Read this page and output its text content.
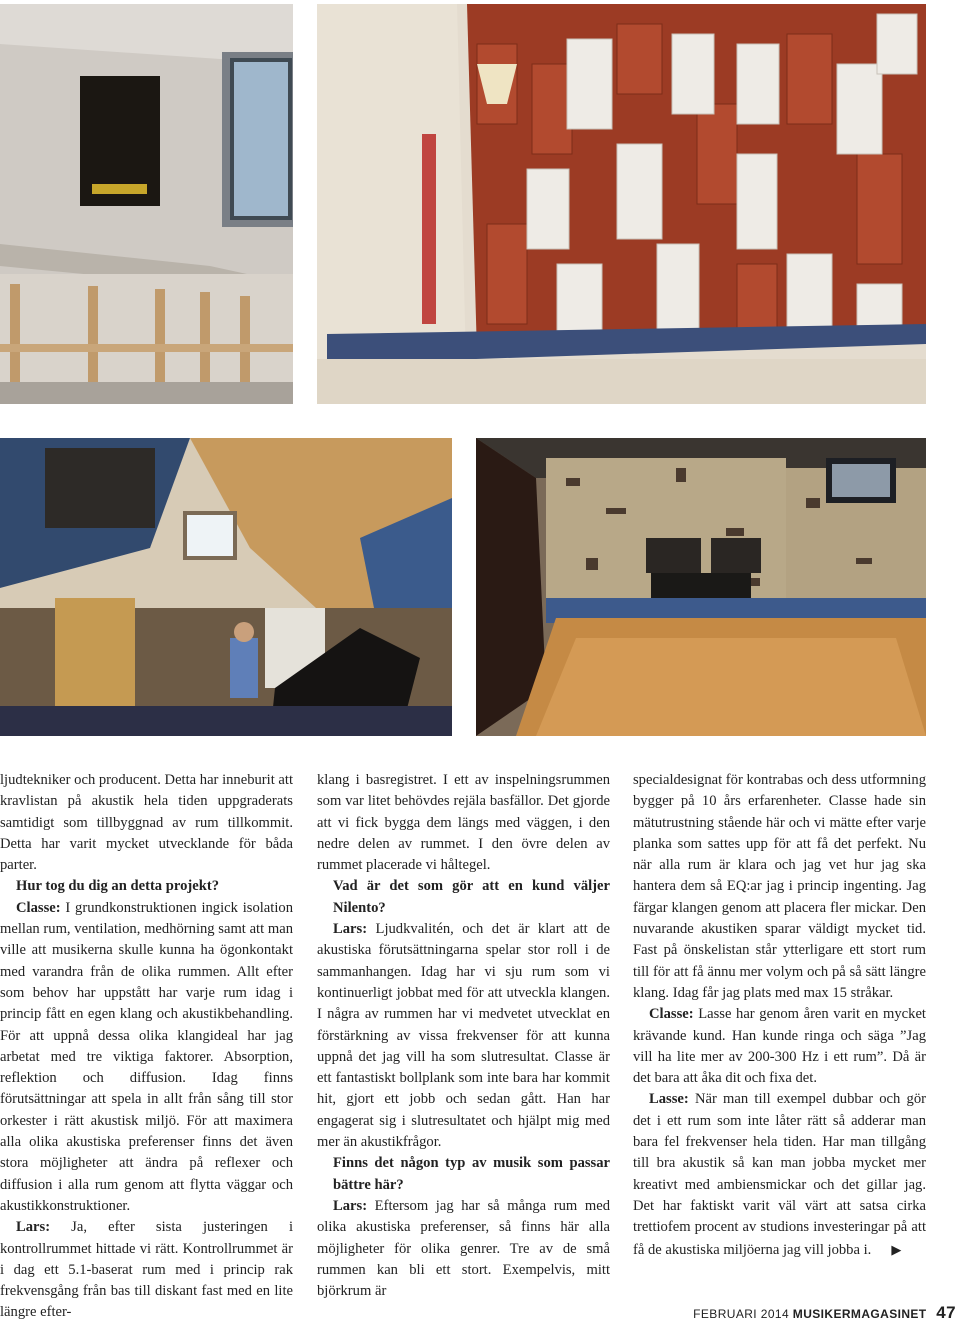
ljudtekniker och producent. Detta har inneburit att kravlistan på akustik hela tiden uppgraderats samtidigt som tillbyggnad av rum tillkommit. Detta har varit mycket utvecklande för båda parter.

Hur tog du dig an detta projekt?

Classe: I grundkonstruktionen ingick isolation mellan rum, ventilation, medhörning samt att man ville att musikerna skulle kunna ha ögonkontakt med varandra från de olika rummen. Allt efter som behov har uppstått har varje rum idag i princip fått en egen klang och akustikbehandling. För att uppnå dessa olika klangideal har jag arbetat med tre viktiga faktorer. Absorption, reflektion och diffusion. Idag finns förutsättningar att spela in allt från sång till stor orkester i rätt akustisk miljö. För att maximera alla olika akustiska preferenser finns det även stora möjligheter att ändra på reflexer och diffusion i alla rum genom att flytta väggar och akustikkonstruktioner.

Lars: Ja, efter sista justeringen i kontrollrummet hittade vi rätt. Kontrollrummet är i dag ett 5.1-baserat rum med i princip rak frekvensgång från bas till diskant fast med en lite längre efter-

klang i basregistret. I ett av inspelningsrummen som var litet behövdes rejäla basfällor. Det gjorde att vi fick bygga dem längs med väggen, i den nedre delen av rummet. I den övre delen av rummet placerade vi håltegel.

Vad är det som gör att en kund väljer Nilento?

Lars: Ljudkvalitén, och det är klart att de akustiska förutsättningarna spelar stor roll i de sammanhangen. Idag har vi sju rum som vi kontinuerligt jobbat med för att utveckla klangen. I några av rummen har vi medvetet utvecklat en förstärkning av vissa frekvenser för att kunna uppnå det jag vill ha som slutresultat. Classe är ett fantastiskt bollplank som inte bara har kommit hit, gjort ett jobb och sedan gått. Han har engagerat sig i slutresultatet och hjälpt mig med mer än akustikfrågor.

Finns det någon typ av musik som passar bättre här?

Lars: Eftersom jag har så många rum med olika akustiska preferenser, så finns här alla möjligheter för olika genrer. Tre av de små rummen kan bli ett stort. Exempelvis, mitt björkrum är

specialdesignat för kontrabas och dess utformning bygger på 10 års erfarenheter. Classe hade sin mätutrustning stående här och vi mätte efter varje planka som sattes upp för att få det perfekt. Nu när alla rum är klara och jag vet hur jag ska hantera dem så EQ:ar jag i princip ingenting. Jag färgar klangen genom att placera fler mickar. Den nuvarande akustiken sparar väldigt mycket tid. Fast på önskelistan står ytterligare ett stort rum till för att få ännu mer volym och på så sätt längre klang. Idag får jag plats med max 15 stråkar.

Classe: Lasse har genom åren varit en mycket krävande kund. Han kunde ringa och säga ”Jag vill ha lite mer av 200-300 Hz i ett rum”. Då är det bara att åka dit och fixa det.

Lasse: När man till exempel dubbar och gör det i ett rum som inte låter rätt så adderar man bara fel frekvenser hela tiden. Har man tillgång till bra akustik så kan man jobba mycket mer kreativt med ambiensmickar och det gillar jag. Det har faktiskt varit väl värt att satsa cirka trettiofem procent av studions investeringar på att få de akustiska miljöerna jag vill jobba i. ▶

FEBRUARI 2014 MUSIKERMAGASINET 47
